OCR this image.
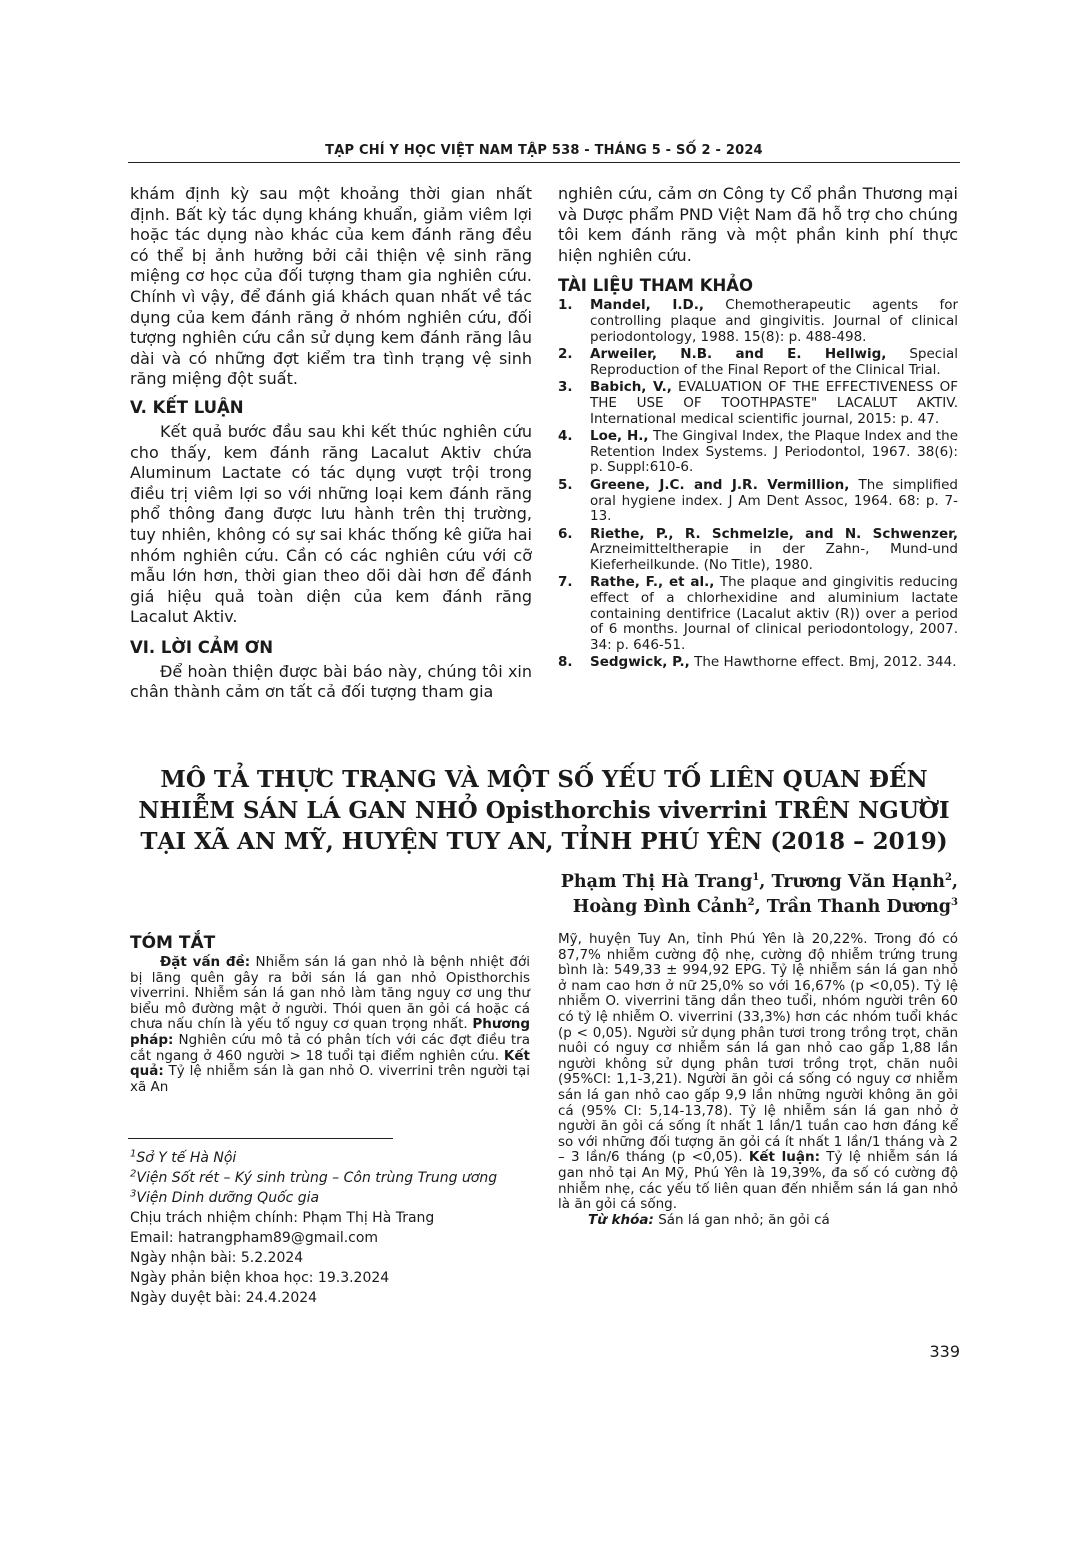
TẠP CHÍ Y HỌC VIỆT NAM TẬP 538 - THÁNG 5 - SỐ 2 - 2024

khám định kỳ sau một khoảng thời gian nhất định. Bất kỳ tác dụng kháng khuẩn, giảm viêm lợi hoặc tác dụng nào khác của kem đánh răng đều có thể bị ảnh hưởng bởi cải thiện vệ sinh răng miệng cơ học của đối tượng tham gia nghiên cứu. Chính vì vậy, để đánh giá khách quan nhất về tác dụng của kem đánh răng ở nhóm nghiên cứu, đối tượng nghiên cứu cần sử dụng kem đánh răng lâu dài và có những đợt kiểm tra tình trạng vệ sinh răng miệng đột suất.

V. KẾT LUẬN

Kết quả bước đầu sau khi kết thúc nghiên cứu cho thấy, kem đánh răng Lacalut Aktiv chứa Aluminum Lactate có tác dụng vượt trội trong điều trị viêm lợi so với những loại kem đánh răng phổ thông đang được lưu hành trên thị trường, tuy nhiên, không có sự sai khác thống kê giữa hai nhóm nghiên cứu. Cần có các nghiên cứu với cỡ mẫu lớn hơn, thời gian theo dõi dài hơn để đánh giá hiệu quả toàn diện của kem đánh răng Lacalut Aktiv.

VI. LỜI CẢM ƠN

Để hoàn thiện được bài báo này, chúng tôi xin chân thành cảm ơn tất cả đối tượng tham gia

nghiên cứu, cảm ơn Công ty Cổ phần Thương mại và Dược phẩm PND Việt Nam đã hỗ trợ cho chúng tôi kem đánh răng và một phần kinh phí thực hiện nghiên cứu.

TÀI LIỆU THAM KHẢO
1. Mandel, I.D., Chemotherapeutic agents for controlling plaque and gingivitis. Journal of clinical periodontology, 1988. 15(8): p. 488-498.
2. Arweiler, N.B. and E. Hellwig, Special Reproduction of the Final Report of the Clinical Trial.
3. Babich, V., EVALUATION OF THE EFFECTIVENESS OF THE USE OF TOOTHPASTE" LACALUT AKTIV. International medical scientific journal, 2015: p. 47.
4. Loe, H., The Gingival Index, the Plaque Index and the Retention Index Systems. J Periodontol, 1967. 38(6): p. Suppl:610-6.
5. Greene, J.C. and J.R. Vermillion, The simplified oral hygiene index. J Am Dent Assoc, 1964. 68: p. 7-13.
6. Riethe, P., R. Schmelzle, and N. Schwenzer, Arzneimitteltherapie in der Zahn-, Mund-und Kieferheilkunde. (No Title), 1980.
7. Rathe, F., et al., The plaque and gingivitis reducing effect of a chlorhexidine and aluminium lactate containing dentifrice (Lacalut aktiv (R)) over a period of 6 months. Journal of clinical periodontology, 2007. 34: p. 646-51.
8. Sedgwick, P., The Hawthorne effect. Bmj, 2012. 344.
MÔ TẢ THỰC TRẠNG VÀ MỘT SỐ YẾU TỐ LIÊN QUAN ĐẾN
NHIỄM SÁN LÁ GAN NHỎ Opisthorchis viverrini TRÊN NGƯỜI
TẠI XÃ AN MỸ, HUYỆN TUY AN, TỈNH PHÚ YÊN (2018 – 2019)
Phạm Thị Hà Trang$^1$, Trương Văn Hạnh$^2$,
Hoàng Đình Cảnh$^2$, Trần Thanh Dương$^3$
TÓM TẮT

Đặt vấn đề: Nhiễm sán lá gan nhỏ là bệnh nhiệt đới bị lãng quên gây ra bởi sán lá gan nhỏ Opisthorchis viverrini. Nhiễm sán lá gan nhỏ làm tăng nguy cơ ung thư biểu mô đường mật ở người. Thói quen ăn gỏi cá hoặc cá chưa nấu chín là yếu tố nguy cơ quan trọng nhất. Phương pháp: Nghiên cứu mô tả có phân tích với các đợt điều tra cắt ngang ở 460 người > 18 tuổi tại điểm nghiên cứu. Kết quả: Tỷ lệ nhiễm sán là gan nhỏ O. viverrini trên người tại xã An

Mỹ, huyện Tuy An, tỉnh Phú Yên là 20,22%. Trong đó có 87,7% nhiễm cường độ nhẹ, cường độ nhiễm trứng trung bình là: 549,33 ± 994,92 EPG. Tỷ lệ nhiễm sán lá gan nhỏ ở nam cao hơn ở nữ 25,0% so với 16,67% (p <0,05). Tỷ lệ nhiễm O. viverrini tăng dần theo tuổi, nhóm người trên 60 có tỷ lệ nhiễm O. viverrini (33,3%) hơn các nhóm tuổi khác (p < 0,05). Người sử dụng phân tươi trong trồng trọt, chăn nuôi có nguy cơ nhiễm sán lá gan nhỏ cao gấp 1,88 lần người không sử dụng phân tươi trồng trọt, chăn nuôi (95%CI: 1,1-3,21). Người ăn gỏi cá sống có nguy cơ nhiễm sán lá gan nhỏ cao gấp 9,9 lần những người không ăn gỏi cá (95% CI: 5,14-13,78). Tỷ lệ nhiễm sán lá gan nhỏ ở người ăn gỏi cá sống ít nhất 1 lần/1 tuần cao hơn đáng kể so với những đối tượng ăn gỏi cá ít nhất 1 lần/1 tháng và 2 – 3 lần/6 tháng (p <0,05). Kết luận: Tỷ lệ nhiễm sán lá gan nhỏ tại An Mỹ, Phú Yên là 19,39%, đa số có cường độ nhiễm nhẹ, các yếu tố liên quan đến nhiễm sán lá gan nhỏ là ăn gỏi cá sống.

Từ khóa: Sán lá gan nhỏ; ăn gỏi cá

$^1$Sở Y tế Hà Nội
$^2$Viện Sốt rét – Ký sinh trùng – Côn trùng Trung ương
$^3$Viện Dinh dưỡng Quốc gia
Chịu trách nhiệm chính: Phạm Thị Hà Trang
Email: hatrangpham89@gmail.com
Ngày nhận bài: 5.2.2024
Ngày phản biện khoa học: 19.3.2024
Ngày duyệt bài: 24.4.2024
339
